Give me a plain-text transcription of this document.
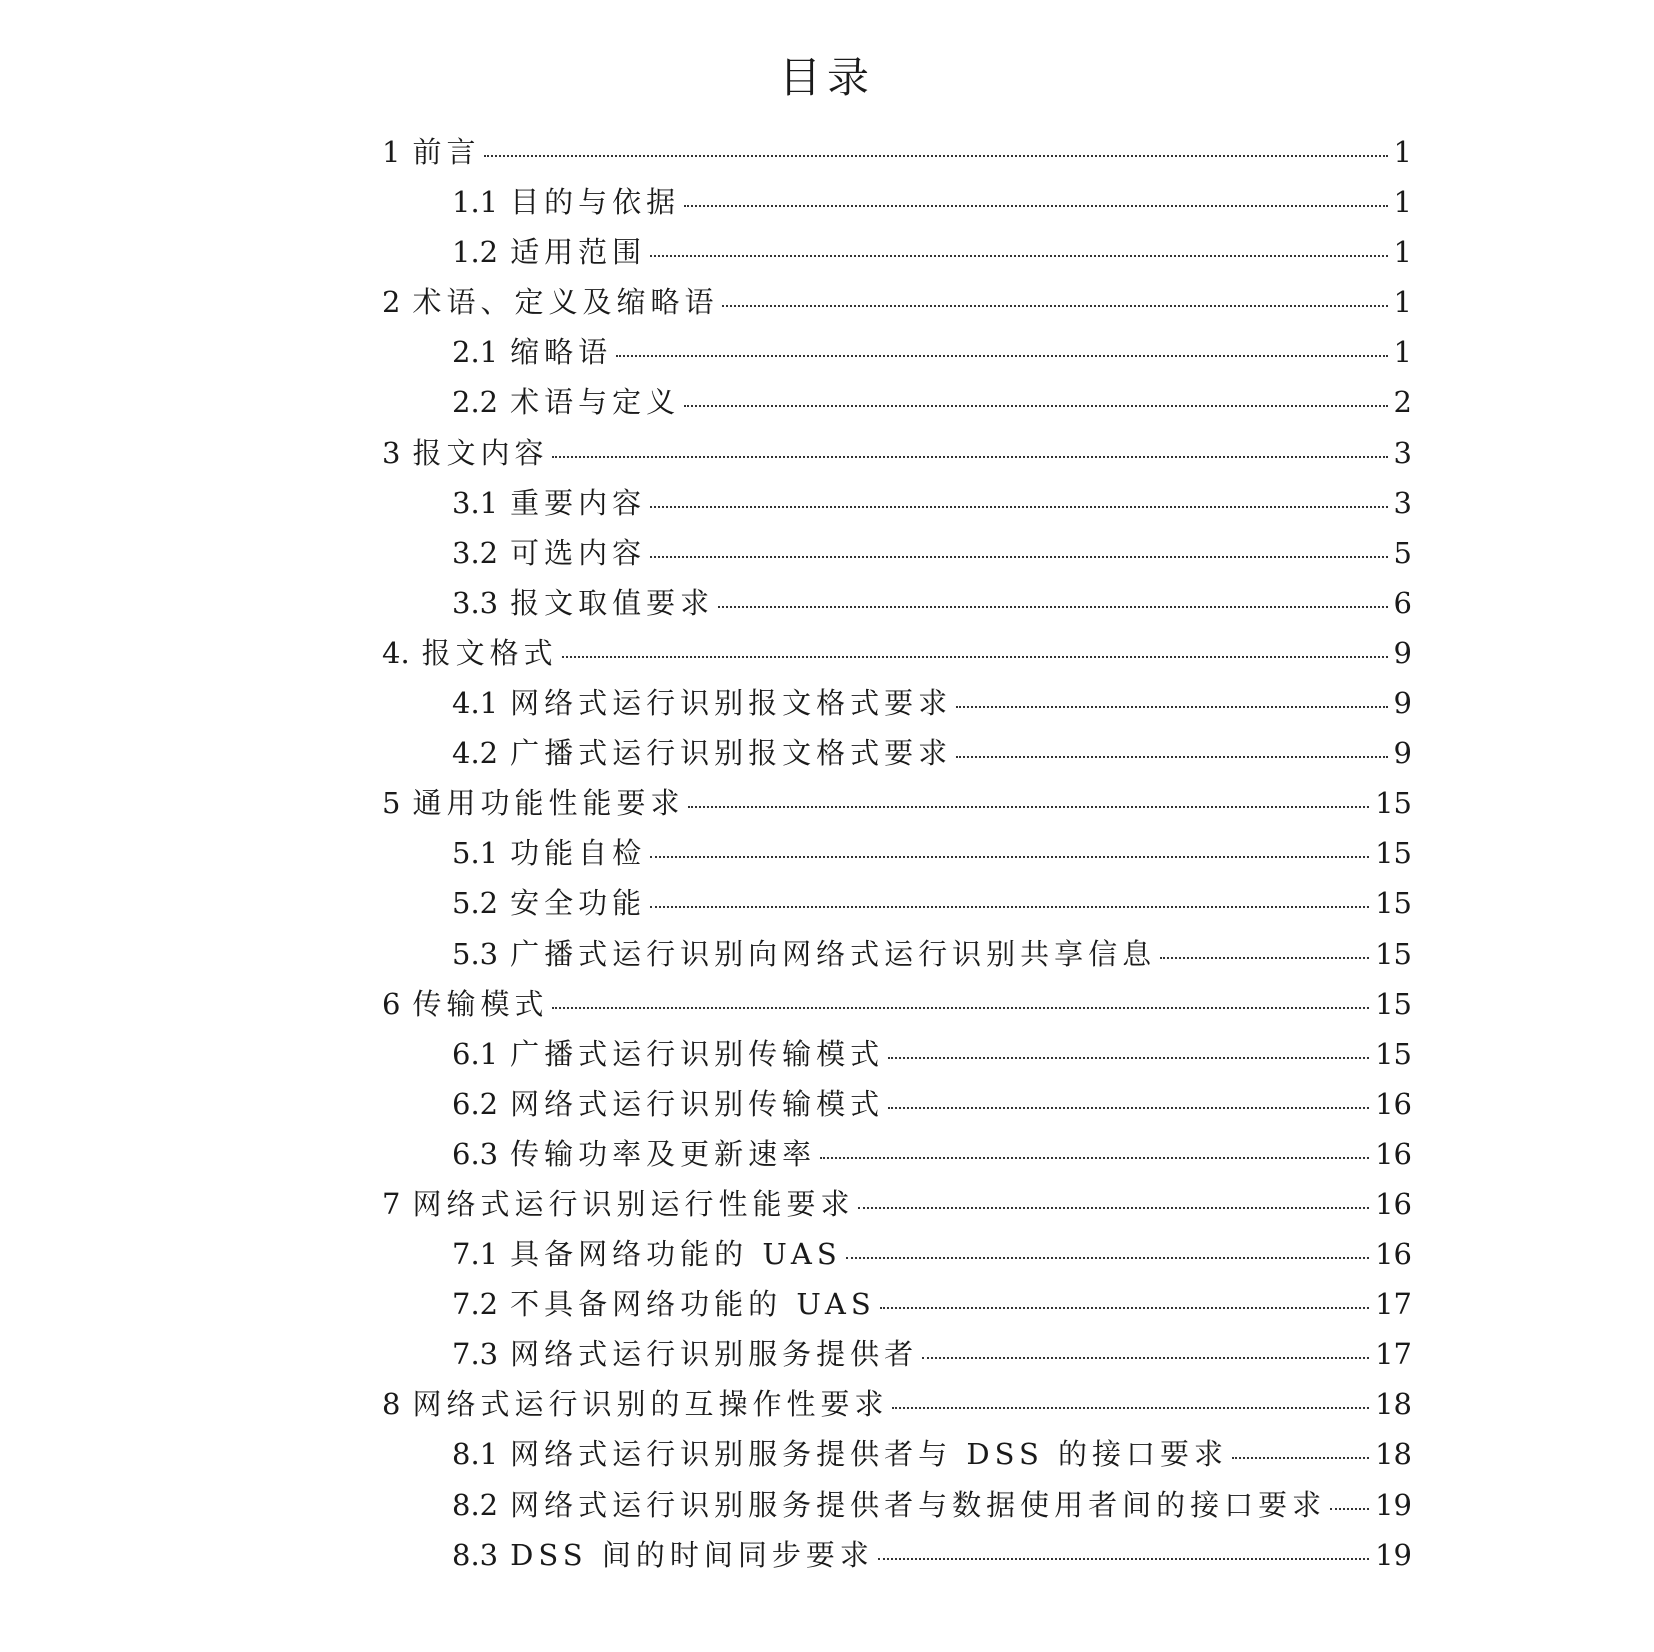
目录
1 前言	1
1.1 目的与依据	1
1.2 适用范围	1
2 术语、定义及缩略语	1
2.1 缩略语	1
2.2 术语与定义	2
3 报文内容	3
3.1 重要内容	3
3.2 可选内容	5
3.3 报文取值要求	6
4. 报文格式	9
4.1 网络式运行识别报文格式要求	9
4.2 广播式运行识别报文格式要求	9
5 通用功能性能要求	15
5.1 功能自检	15
5.2 安全功能	15
5.3 广播式运行识别向网络式运行识别共享信息	15
6 传输模式	15
6.1 广播式运行识别传输模式	15
6.2 网络式运行识别传输模式	16
6.3 传输功率及更新速率	16
7 网络式运行识别运行性能要求	16
7.1 具备网络功能的 UAS	16
7.2 不具备网络功能的 UAS	17
7.3 网络式运行识别服务提供者	17
8 网络式运行识别的互操作性要求	18
8.1 网络式运行识别服务提供者与 DSS 的接口要求	18
8.2 网络式运行识别服务提供者与数据使用者间的接口要求 19
8.3 DSS 间的时间同步要求	19
